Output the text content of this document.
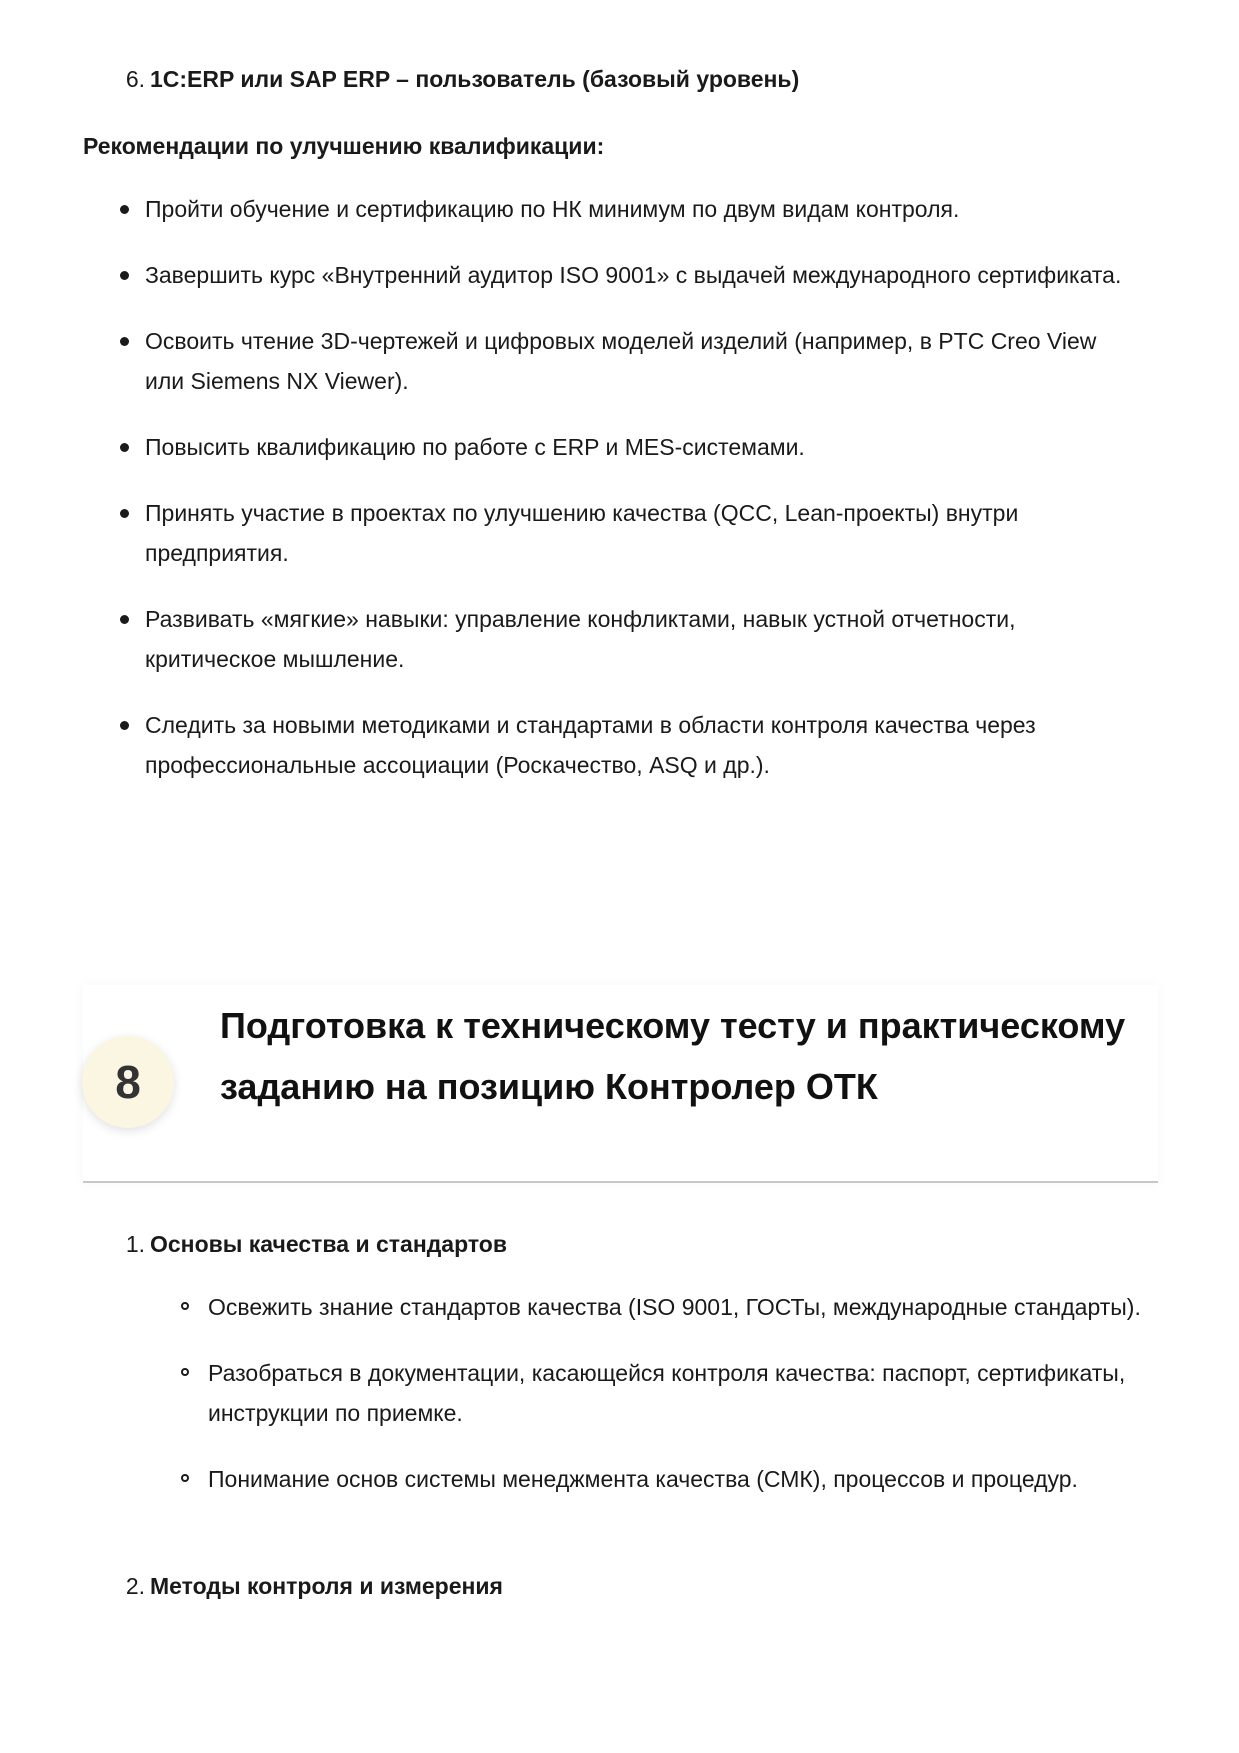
6. 1C:ERP или SAP ERP – пользователь (базовый уровень)
Рекомендации по улучшению квалификации:
Пройти обучение и сертификацию по НК минимум по двум видам контроля.
Завершить курс «Внутренний аудитор ISO 9001» с выдачей международного сертификата.
Освоить чтение 3D-чертежей и цифровых моделей изделий (например, в PTC Creo View или Siemens NX Viewer).
Повысить квалификацию по работе с ERP и MES-системами.
Принять участие в проектах по улучшению качества (QCC, Lean-проекты) внутри предприятия.
Развивать «мягкие» навыки: управление конфликтами, навык устной отчетности, критическое мышление.
Следить за новыми методиками и стандартами в области контроля качества через профессиональные ассоциации (Роскачество, ASQ и др.).
8
Подготовка к техническому тесту и практическому заданию на позицию Контролер ОТК
1. Основы качества и стандартов
Освежить знание стандартов качества (ISO 9001, ГОСТы, международные стандарты).
Разобраться в документации, касающейся контроля качества: паспорт, сертификаты, инструкции по приемке.
Понимание основ системы менеджмента качества (СМК), процессов и процедур.
2. Методы контроля и измерения
